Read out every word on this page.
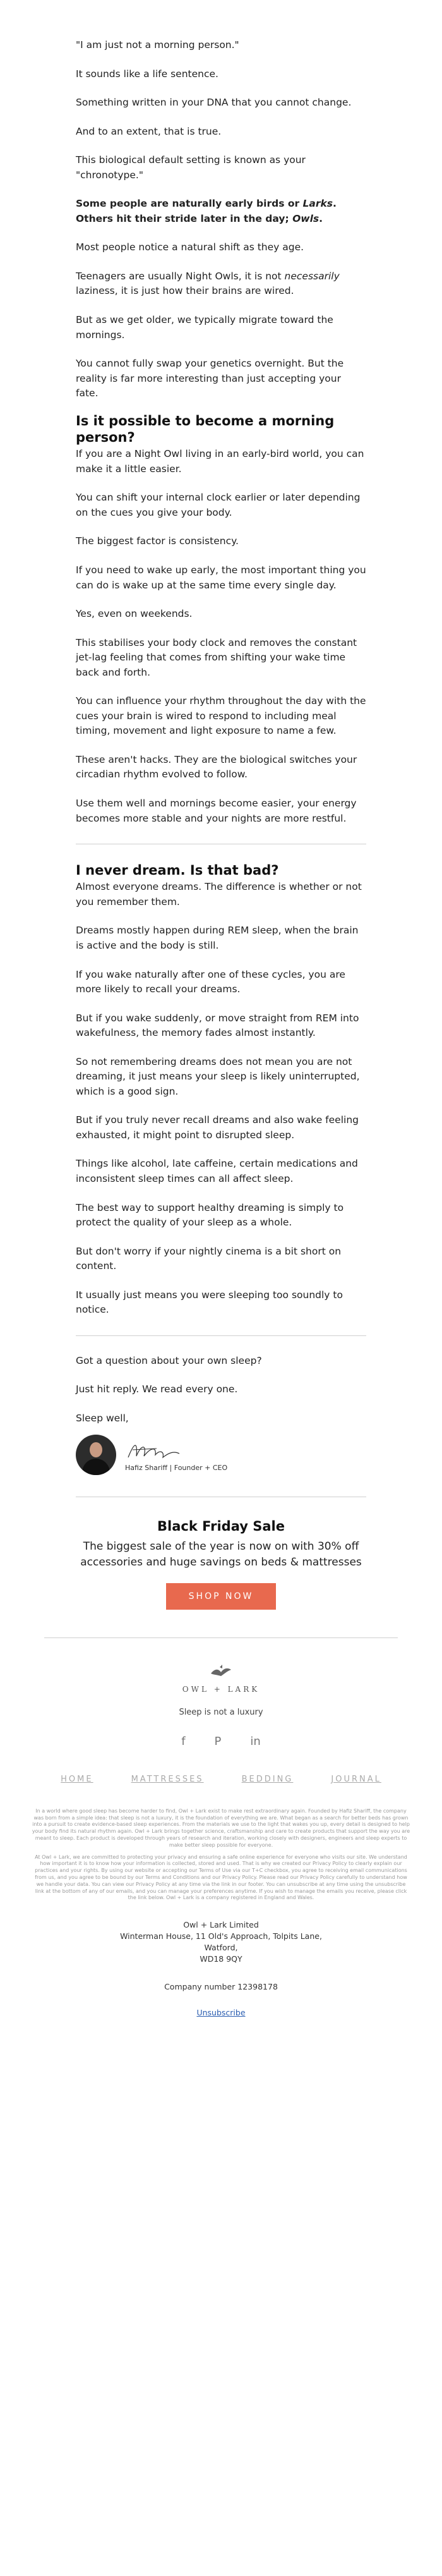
"I am just not a morning person."

It sounds like a life sentence.

Something written in your DNA that you cannot change.

And to an extent, that is true.

This biological default setting is known as your "chronotype."

Some people are naturally early birds or Larks. Others hit their stride later in the day; Owls.

Most people notice a natural shift as they age.

Teenagers are usually Night Owls, it is not necessarily laziness, it is just how their brains are wired.

But as we get older, we typically migrate toward the mornings.

You cannot fully swap your genetics overnight. But the reality is far more interesting than just accepting your fate.

Is it possible to become a morning person?

If you are a Night Owl living in an early-bird world, you can make it a little easier.

You can shift your internal clock earlier or later depending on the cues you give your body.

The biggest factor is consistency.

If you need to wake up early, the most important thing you can do is wake up at the same time every single day.

Yes, even on weekends.

This stabilises your body clock and removes the constant jet-lag feeling that comes from shifting your wake time back and forth.

You can influence your rhythm throughout the day with the cues your brain is wired to respond to including meal timing, movement and light exposure to name a few.

These aren't hacks. They are the biological switches your circadian rhythm evolved to follow.

Use them well and mornings become easier, your energy becomes more stable and your nights are more restful.

I never dream. Is that bad?

Almost everyone dreams. The difference is whether or not you remember them.

Dreams mostly happen during REM sleep, when the brain is active and the body is still.

If you wake naturally after one of these cycles, you are more likely to recall your dreams.

But if you wake suddenly, or move straight from REM into wakefulness, the memory fades almost instantly.

So not remembering dreams does not mean you are not dreaming, it just means your sleep is likely uninterrupted, which is a good sign.

But if you truly never recall dreams and also wake feeling exhausted, it might point to disrupted sleep.

Things like alcohol, late caffeine, certain medications and inconsistent sleep times can all affect sleep.

The best way to support healthy dreaming is simply to protect the quality of your sleep as a whole.

But don't worry if your nightly cinema is a bit short on content.

It usually just means you were sleeping too soundly to notice.

Got a question about your own sleep?

Just hit reply. We read every one.

Sleep well,

Hafiz Shariff | Founder + CEO
Black Friday Sale

The biggest sale of the year is now on with 30% off accessories and huge savings on beds & mattresses

SHOP NOW
OWL + LARK
Sleep is not a luxury
f	P	in
HOME	MATTRESSES	BEDDING	JOURNAL

In a world where good sleep has become harder to find, Owl + Lark exist to make rest extraordinary again. Founded by Hafiz Shariff, the company was born from a simple idea: that sleep is not a luxury, it is the foundation of everything we are. What began as a search for better beds has grown into a pursuit to create evidence-based sleep experiences. From the materials we use to the light that wakes you up, every detail is designed to help your body find its natural rhythm again. Owl + Lark brings together science, craftsmanship and care to create products that support the way you are meant to sleep. Each product is developed through years of research and iteration, working closely with designers, engineers and sleep experts to make better sleep possible for everyone.

At Owl + Lark, we are committed to protecting your privacy and ensuring a safe online experience for everyone who visits our site. We understand how important it is to know how your information is collected, stored and used. That is why we created our Privacy Policy to clearly explain our practices and your rights. By using our website or accepting our Terms of Use via our T+C checkbox, you agree to receiving email communications from us, and you agree to be bound by our Terms and Conditions and our Privacy Policy. Please read our Privacy Policy carefully to understand how we handle your data. You can view our Privacy Policy at any time via the link in our footer. You can unsubscribe at any time using the unsubscribe link at the bottom of any of our emails, and you can manage your preferences anytime. If you wish to manage the emails you receive, please click the link below. Owl + Lark is a company registered in England and Wales.

Owl + Lark Limited
Winterman House, 11 Old's Approach, Tolpits Lane,
Watford,
WD18 9QY
Company number 12398178
Unsubscribe
